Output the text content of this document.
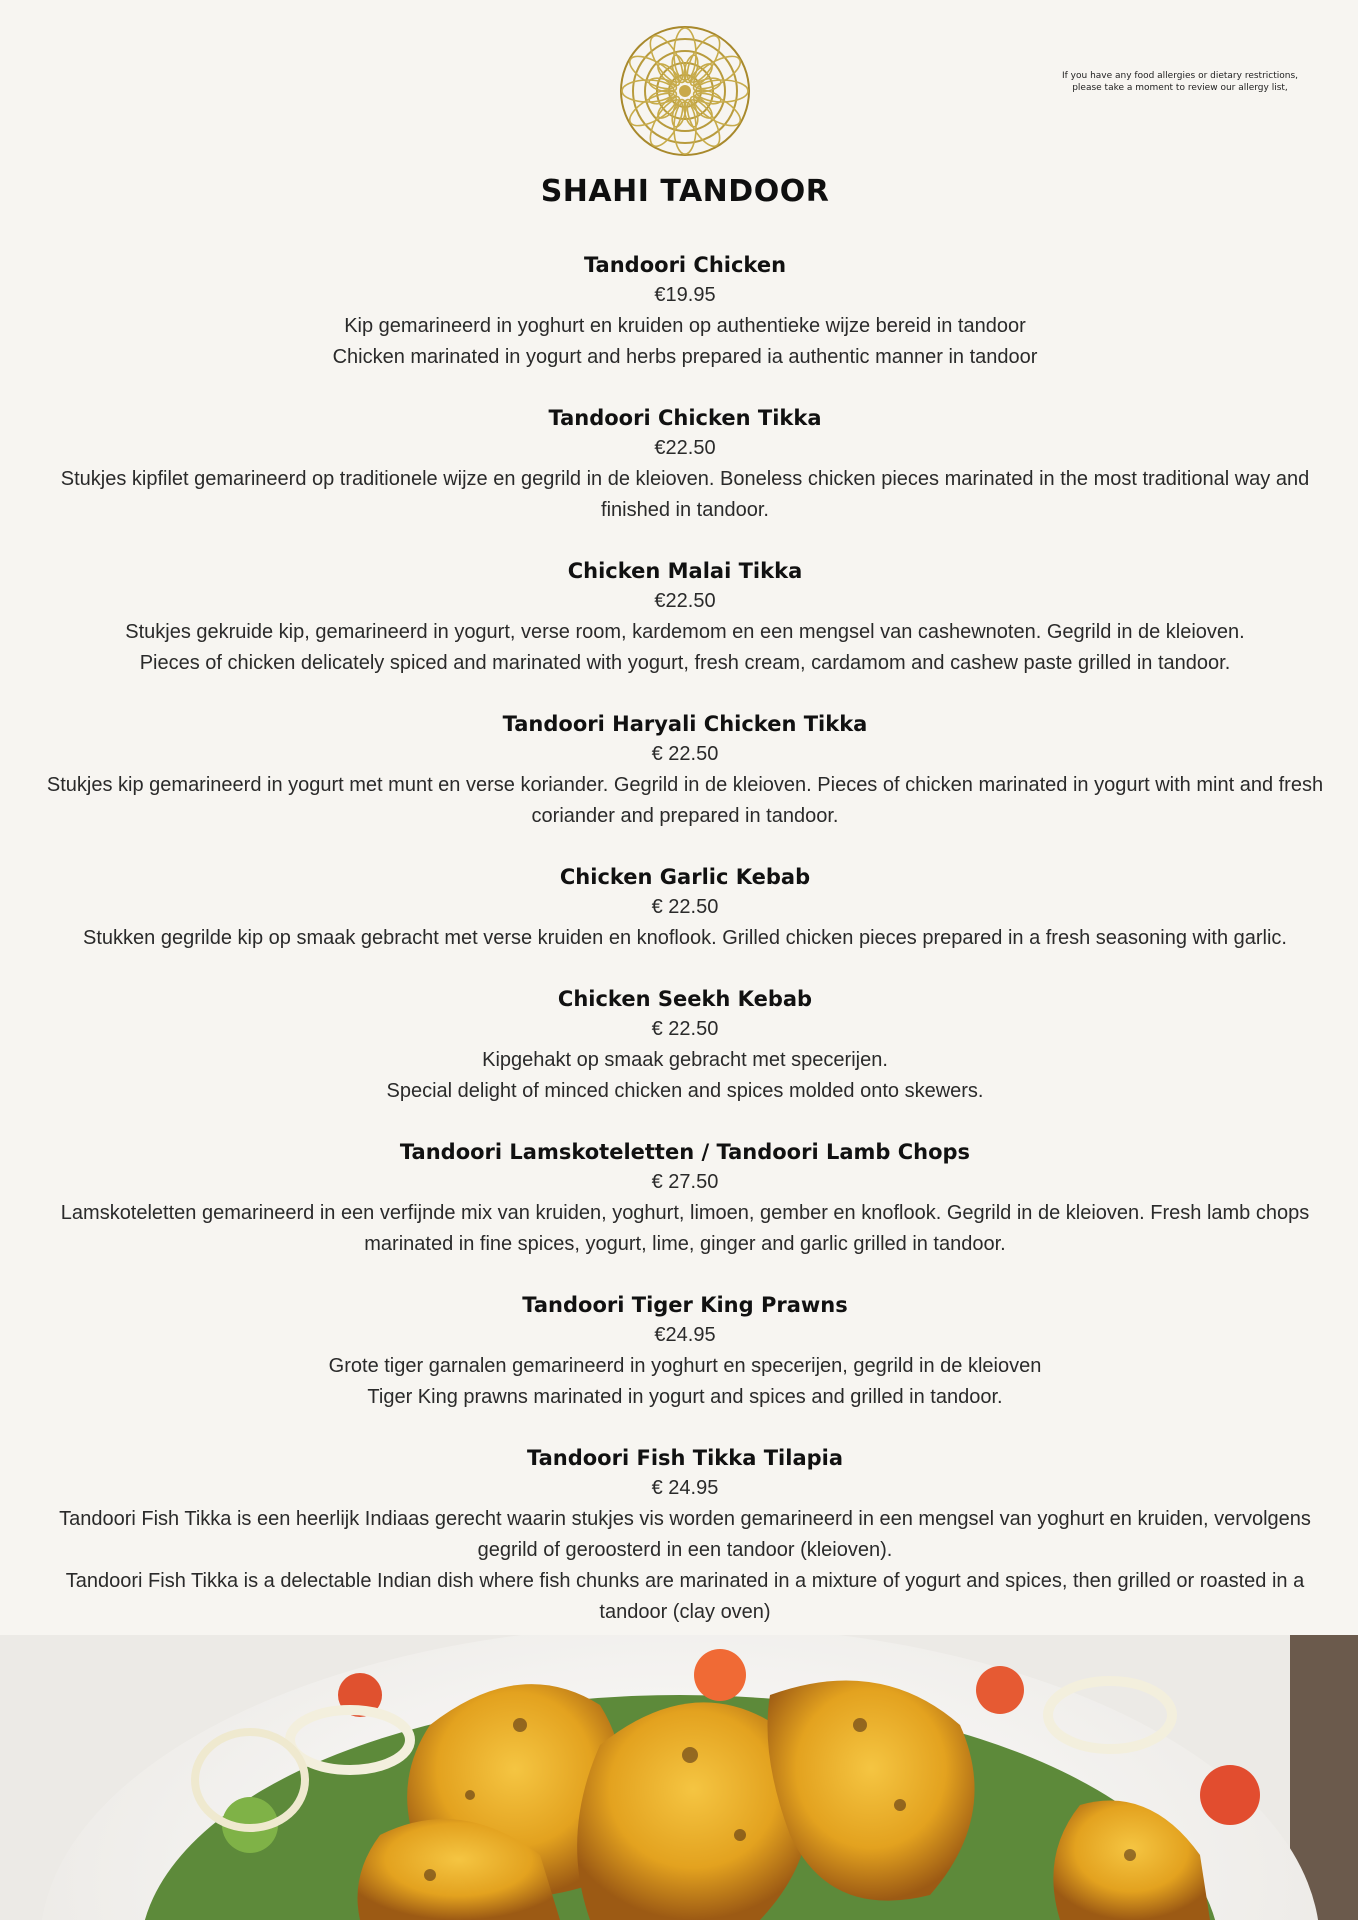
If you have any food allergies or dietary restrictions, please take a moment to review our allergy list,
SHAHI TANDOOR
Tandoori Chicken
€19.95
Kip gemarineerd in yoghurt en kruiden op authentieke wijze bereid in tandoor
Chicken marinated in yogurt and herbs prepared ia authentic manner in tandoor
Tandoori Chicken Tikka
€22.50
Stukjes kipfilet gemarineerd op traditionele wijze en gegrild in de kleioven. Boneless chicken pieces marinated in the most traditional way and finished in tandoor.
Chicken Malai Tikka
€22.50
Stukjes gekruide kip, gemarineerd in yogurt, verse room, kardemom en een mengsel van cashewnoten. Gegrild in de kleioven.
Pieces of chicken delicately spiced and marinated with yogurt, fresh cream, cardamom and cashew paste grilled in tandoor.
Tandoori Haryali Chicken Tikka
€ 22.50
Stukjes kip gemarineerd in yogurt met munt en verse koriander. Gegrild in de kleioven. Pieces of chicken marinated in yogurt with mint and fresh coriander and prepared in tandoor.
Chicken Garlic Kebab
€ 22.50
Stukken gegrilde kip op smaak gebracht met verse kruiden en knoflook. Grilled chicken pieces prepared in a fresh seasoning with garlic.
Chicken Seekh Kebab
€ 22.50
Kipgehakt op smaak gebracht met specerijen.
Special delight of minced chicken and spices molded onto skewers.
Tandoori Lamskoteletten / Tandoori Lamb Chops
€ 27.50
Lamskoteletten gemarineerd in een verfijnde mix van kruiden, yoghurt, limoen, gember en knoflook. Gegrild in de kleioven. Fresh lamb chops marinated in fine spices, yogurt, lime, ginger and garlic grilled in tandoor.
Tandoori Tiger King Prawns
€24.95
Grote tiger garnalen gemarineerd in yoghurt en specerijen, gegrild in de kleioven
Tiger King prawns marinated in yogurt and spices and grilled in tandoor.
Tandoori Fish Tikka Tilapia
€ 24.95
Tandoori Fish Tikka is een heerlijk Indiaas gerecht waarin stukjes vis worden gemarineerd in een mengsel van yoghurt en kruiden, vervolgens gegrild of geroosterd in een tandoor (kleioven).
Tandoori Fish Tikka is a delectable Indian dish where fish chunks are marinated in a mixture of yogurt and spices, then grilled or roasted in a tandoor (clay oven)
